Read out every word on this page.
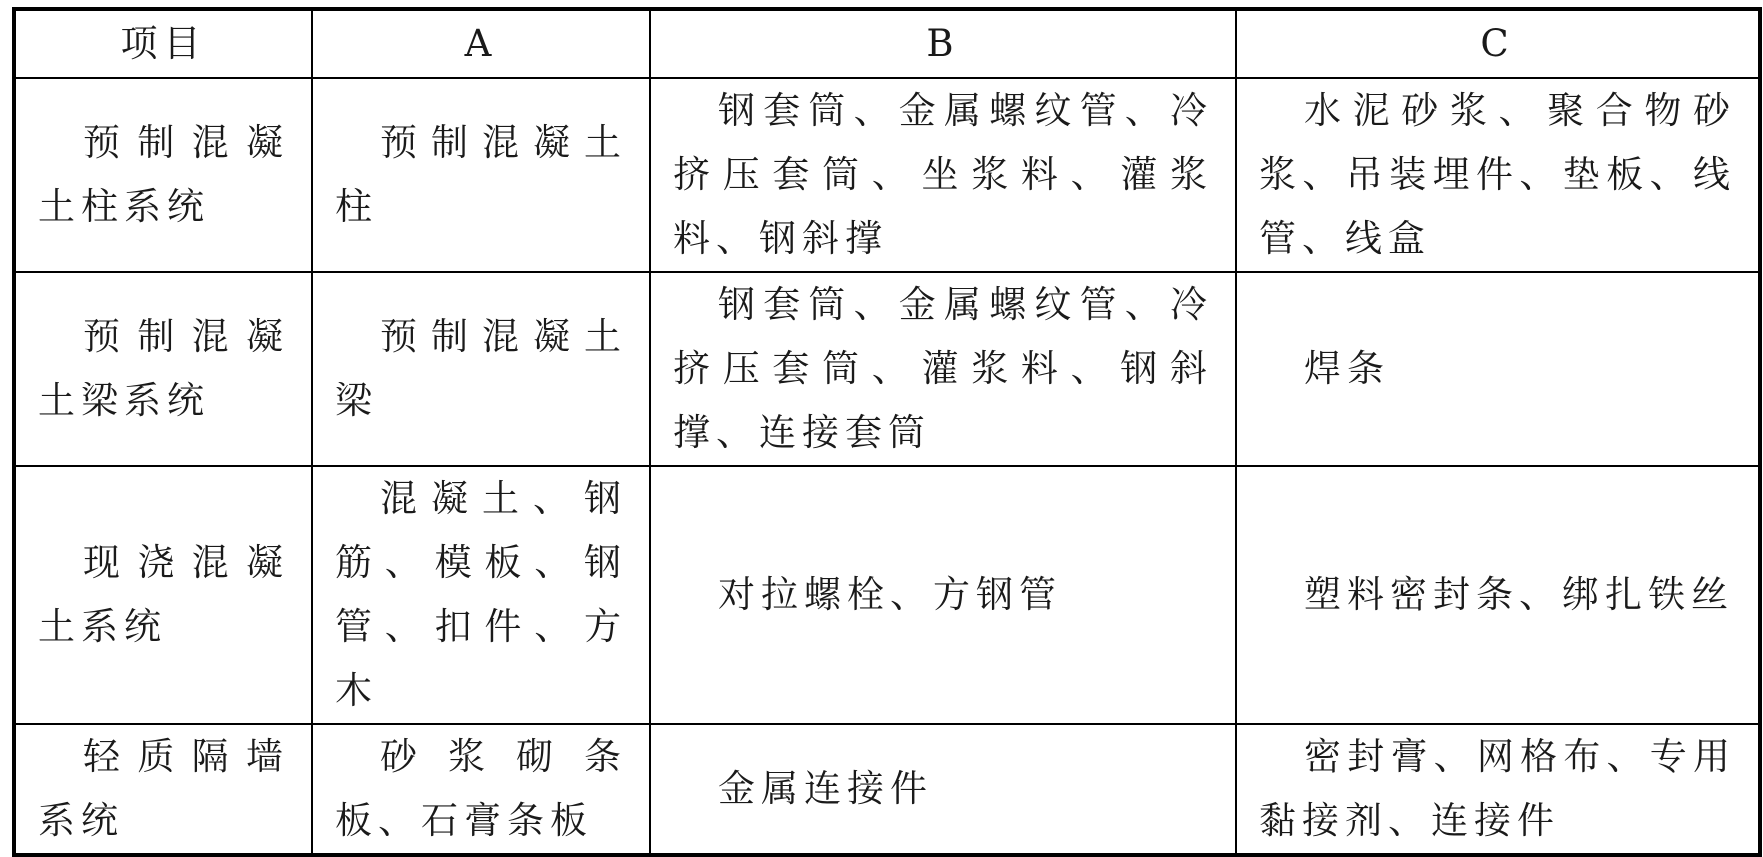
项目	A	B	C
预制混凝土柱系统	预制混凝土柱	钢套筒、金属螺纹管、冷挤压套筒、坐浆料、灌浆料、钢斜撑	水泥砂浆、聚合物砂浆、吊装埋件、垫板、线管、线盒
预制混凝土梁系统	预制混凝土梁	钢套筒、金属螺纹管、冷挤压套筒、灌浆料、钢斜撑、连接套筒	焊条
现浇混凝土系统	混凝土、钢筋、模板、钢管、扣件、方木	对拉螺栓、方钢管	塑料密封条、绑扎铁丝
轻质隔墙系统	砂浆砌条板、石膏条板	金属连接件	密封膏、网格布、专用黏接剂、连接件
